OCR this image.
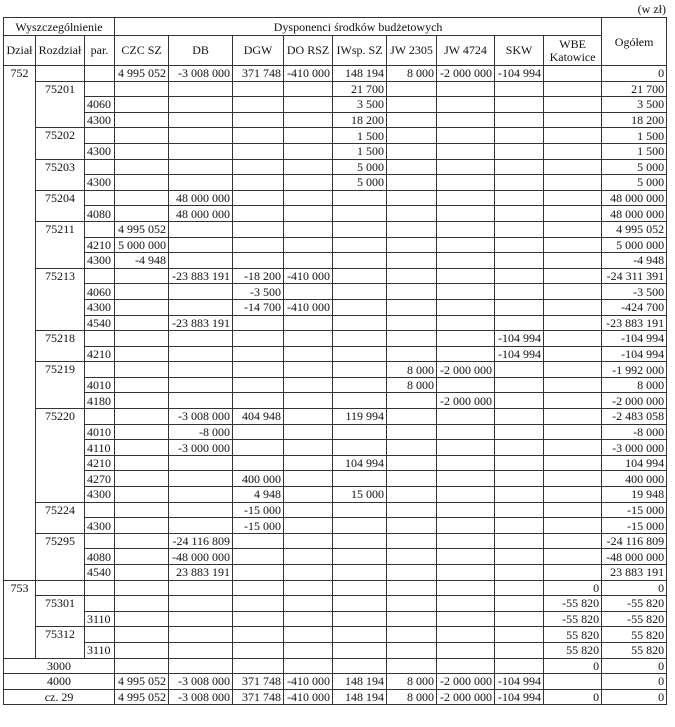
(w zł)
Wyszczególnienie			Dysponenci środków budżetowych									Ogółem
Dział	Rozdział	par.	CZC SZ	DB	DGW	DO RSZ	IWsp. SZ	JW 2305	JW 4724	SKW	WBE Katowice	
752			4 995 052	-3 008 000	371 748	-410 000	148 194	8 000	-2 000 000	-104 994		0
	75201						21 700					21 700
		4060					3 500					3 500
		4300					18 200					18 200
	75202						1 500					1 500
		4300					1 500					1 500
	75203						5 000					5 000
		4300					5 000					5 000
	75204			48 000 000								48 000 000
		4080		48 000 000								48 000 000
	75211		4 995 052									4 995 052
		4210	5 000 000									5 000 000
		4300	-4 948									-4 948
	75213			-23 883 191	-18 200	-410 000						-24 311 391
		4060			-3 500							-3 500
		4300			-14 700	-410 000						-424 700
		4540		-23 883 191								-23 883 191
	75218									-104 994		-104 994
		4210								-104 994		-104 994
	75219							8 000	-2 000 000			-1 992 000
		4010						8 000				8 000
		4180							-2 000 000			-2 000 000
	75220			-3 008 000	404 948		119 994					-2 483 058
		4010		-8 000								-8 000
		4110		-3 000 000								-3 000 000
		4210					104 994					104 994
		4270			400 000							400 000
		4300			4 948		15 000					19 948
	75224				-15 000							-15 000
		4300			-15 000							-15 000
	75295			-24 116 809								-24 116 809
		4080		-48 000 000								-48 000 000
		4540		23 883 191								23 883 191
753											0	0
	75301										-55 820	-55 820
		3110									-55 820	-55 820
	75312										55 820	55 820
		3110									55 820	55 820
3000											0	0
4000			4 995 052	-3 008 000	371 748	-410 000	148 194	8 000	-2 000 000	-104 994		0
cz. 29			4 995 052	-3 008 000	371 748	-410 000	148 194	8 000	-2 000 000	-104 994	0	0
